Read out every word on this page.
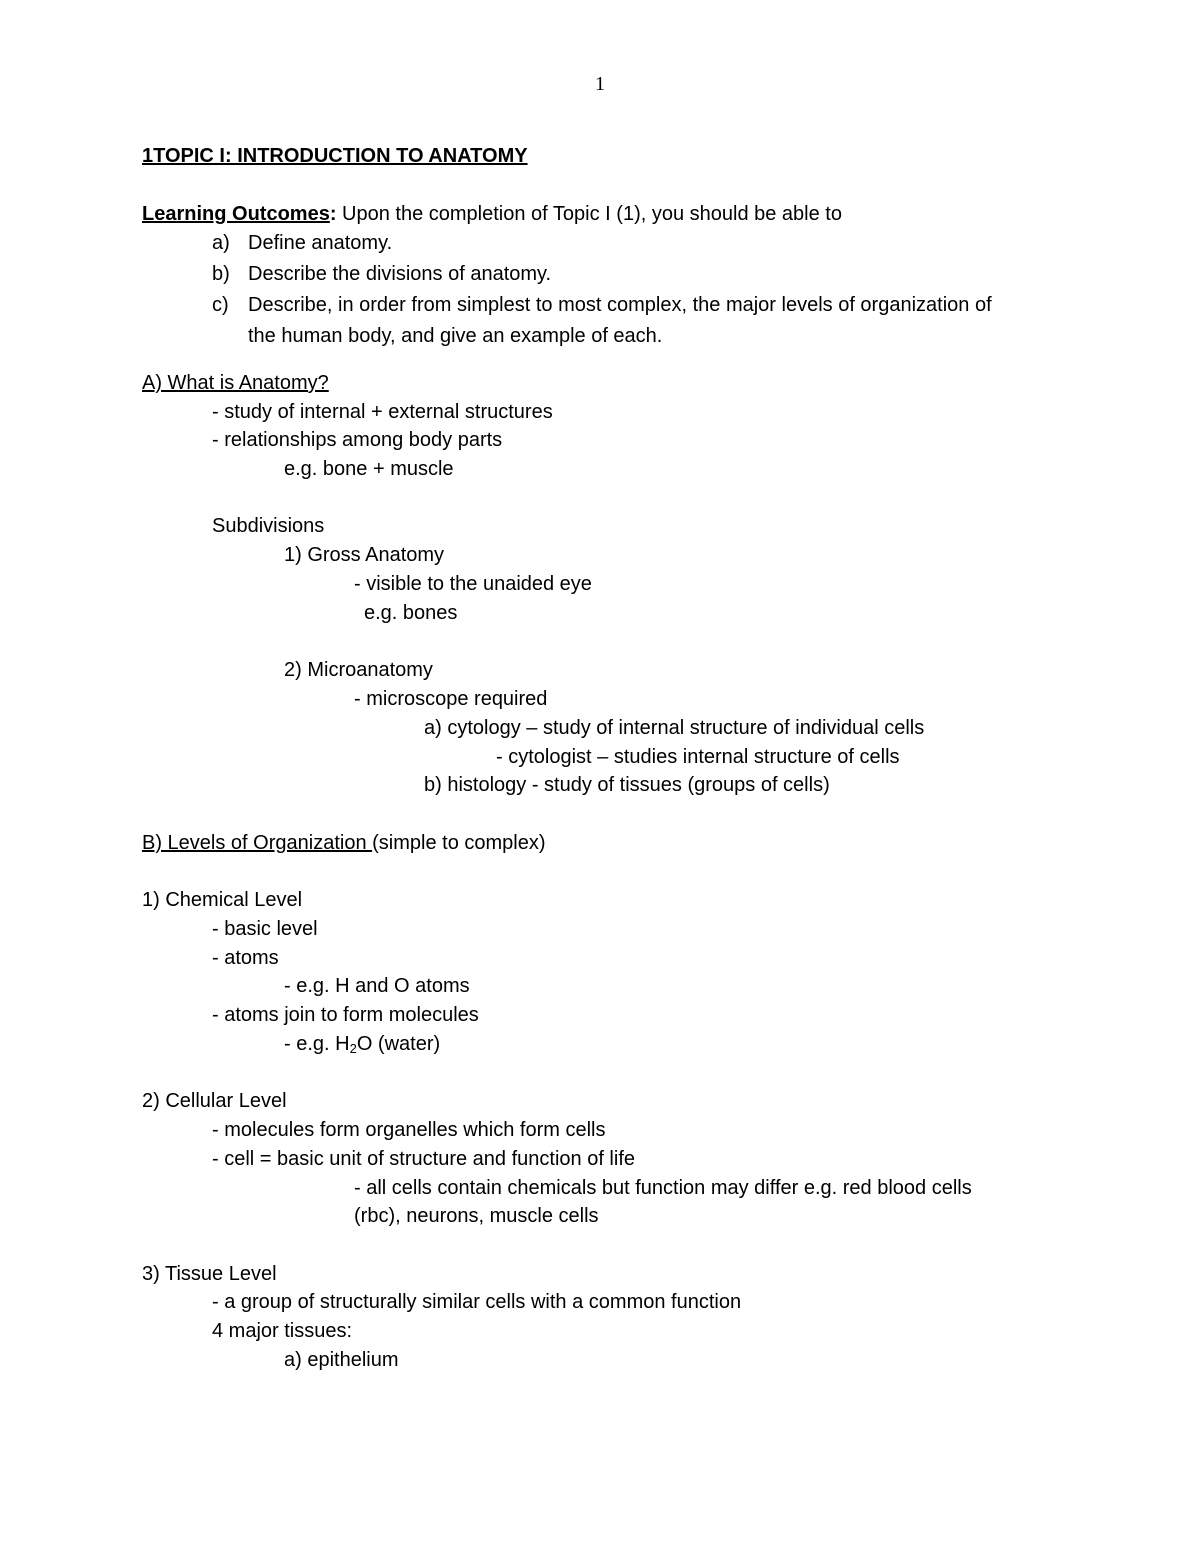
1
1TOPIC I: INTRODUCTION TO ANATOMY
Learning Outcomes: Upon the completion of Topic I (1), you should be able to
a) Define anatomy.
b) Describe the divisions of anatomy.
c) Describe, in order from simplest to most complex, the major levels of organization of
the human body, and give an example of each.
A) What is Anatomy?
- study of internal + external structures
- relationships among body parts
e.g. bone + muscle
Subdivisions
1) Gross Anatomy
- visible to the unaided eye
e.g. bones
2) Microanatomy
- microscope required
a) cytology – study of internal structure of individual cells
- cytologist – studies internal structure of cells
b) histology - study of tissues (groups of cells)
B) Levels of Organization (simple to complex)
1) Chemical Level
- basic level
- atoms
- e.g. H and O atoms
- atoms join to form molecules
- e.g. $H_2O$ (water)
2) Cellular Level
- molecules form organelles which form cells
- cell = basic unit of structure and function of life
- all cells contain chemicals but function may differ e.g. red blood cells
(rbc), neurons, muscle cells
3) Tissue Level
- a group of structurally similar cells with a common function
4 major tissues:
a) epithelium
